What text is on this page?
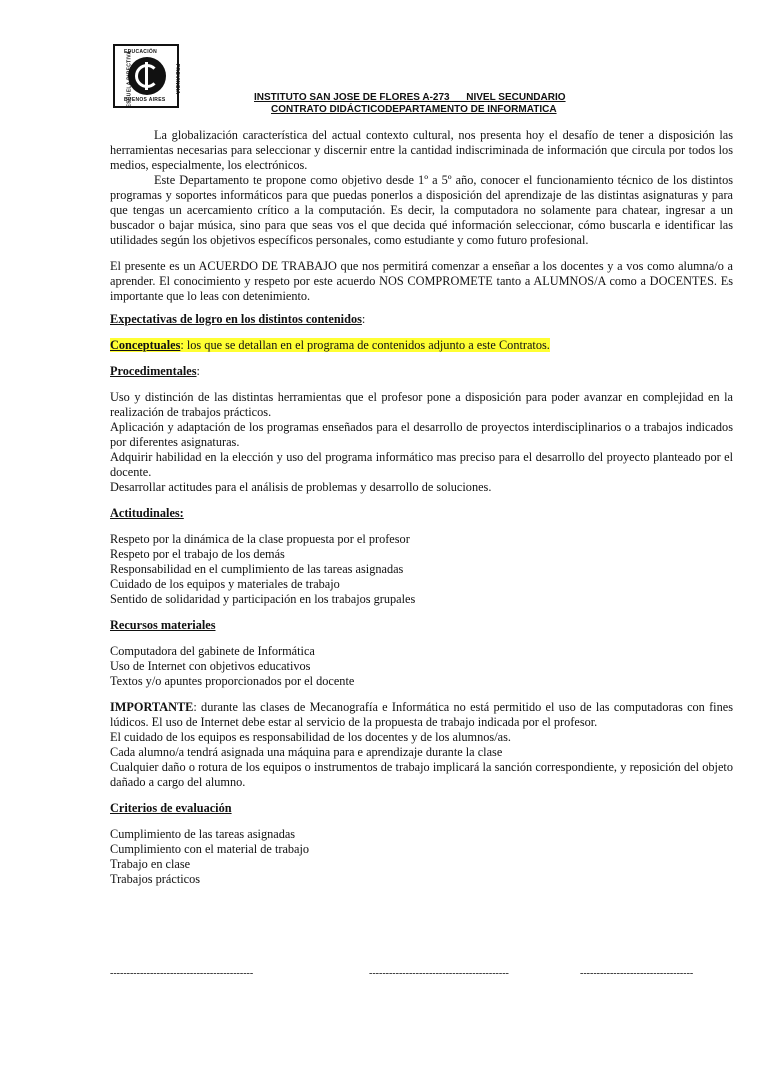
EDUCACIÓN
PROVINCIA
BUENOS AIRES	INSTITUTO SAN JOSE DE FLORES A-273      NIVEL SECUNDARIO
CONTRATO DIDÁCTICODEPARTAMENTO DE INFORMATICA

La globalización característica del actual contexto cultural, nos presenta hoy el desafío de tener a disposición las herramientas necesarias para seleccionar y discernir entre la cantidad indiscriminada de información que circula por todos los medios, especialmente, los electrónicos.

Este Departamento te propone como objetivo desde 1º a 5º año, conocer el funcionamiento técnico de los distintos programas y soportes informáticos para que puedas ponerlos a disposición del aprendizaje de las distintas asignaturas y para que tengas un acercamiento crítico a la computación. Es decir, la computadora no solamente para chatear, ingresar a un buscador o bajar música, sino para que seas vos el que decida qué información seleccionar, cómo buscarla e identificar las utilidades según los objetivos específicos personales, como estudiante y como futuro profesional.

El presente es un ACUERDO DE TRABAJO que nos permitirá comenzar a enseñar a los docentes y a vos como alumna/o a aprender. El conocimiento y respeto por este acuerdo NOS COMPROMETE tanto a ALUMNOS/A como a DOCENTES. Es importante que lo leas con detenimiento.

Expectativas de logro en los distintos contenidos:

Conceptuales: los que se detallan en el programa de contenidos adjunto a este Contratos.

Procedimentales:

Uso y distinción de las distintas herramientas que el profesor pone a disposición para poder avanzar en complejidad en la realización de trabajos prácticos.

Aplicación y adaptación de los programas enseñados para el desarrollo de proyectos interdisciplinarios o a trabajos indicados por diferentes asignaturas.

Adquirir habilidad en la elección y uso del programa informático mas preciso para el desarrollo del proyecto planteado por el docente.

Desarrollar actitudes para el análisis de problemas y desarrollo de soluciones.

Actitudinales:

Respeto por la dinámica de la clase propuesta por el profesor

Respeto por el trabajo de los demás

Responsabilidad en el cumplimiento de las tareas asignadas

Cuidado de los equipos y materiales de trabajo

Sentido de solidaridad y participación en los trabajos grupales

Recursos materiales

Computadora del gabinete de Informática

Uso de Internet con objetivos educativos

Textos y/o apuntes proporcionados por el docente

IMPORTANTE: durante las clases de Mecanografía e Informática no está permitido el uso de las computadoras con fines lúdicos. El uso de Internet debe estar al servicio de la propuesta de trabajo indicada por el profesor.

El cuidado de los equipos es responsabilidad de los docentes y de los alumnos/as.

Cada alumno/a tendrá asignada una máquina para e aprendizaje durante la clase

Cualquier daño o rotura de los equipos o instrumentos de trabajo implicará la sanción correspondiente, y reposición del objeto dañado a cargo del alumno.

Criterios de evaluación

Cumplimiento de las tareas asignadas

Cumplimiento con el material de trabajo

Trabajo en clase

Trabajos prácticos

-------------------------------------------	------------------------------------------	----------------------------------
